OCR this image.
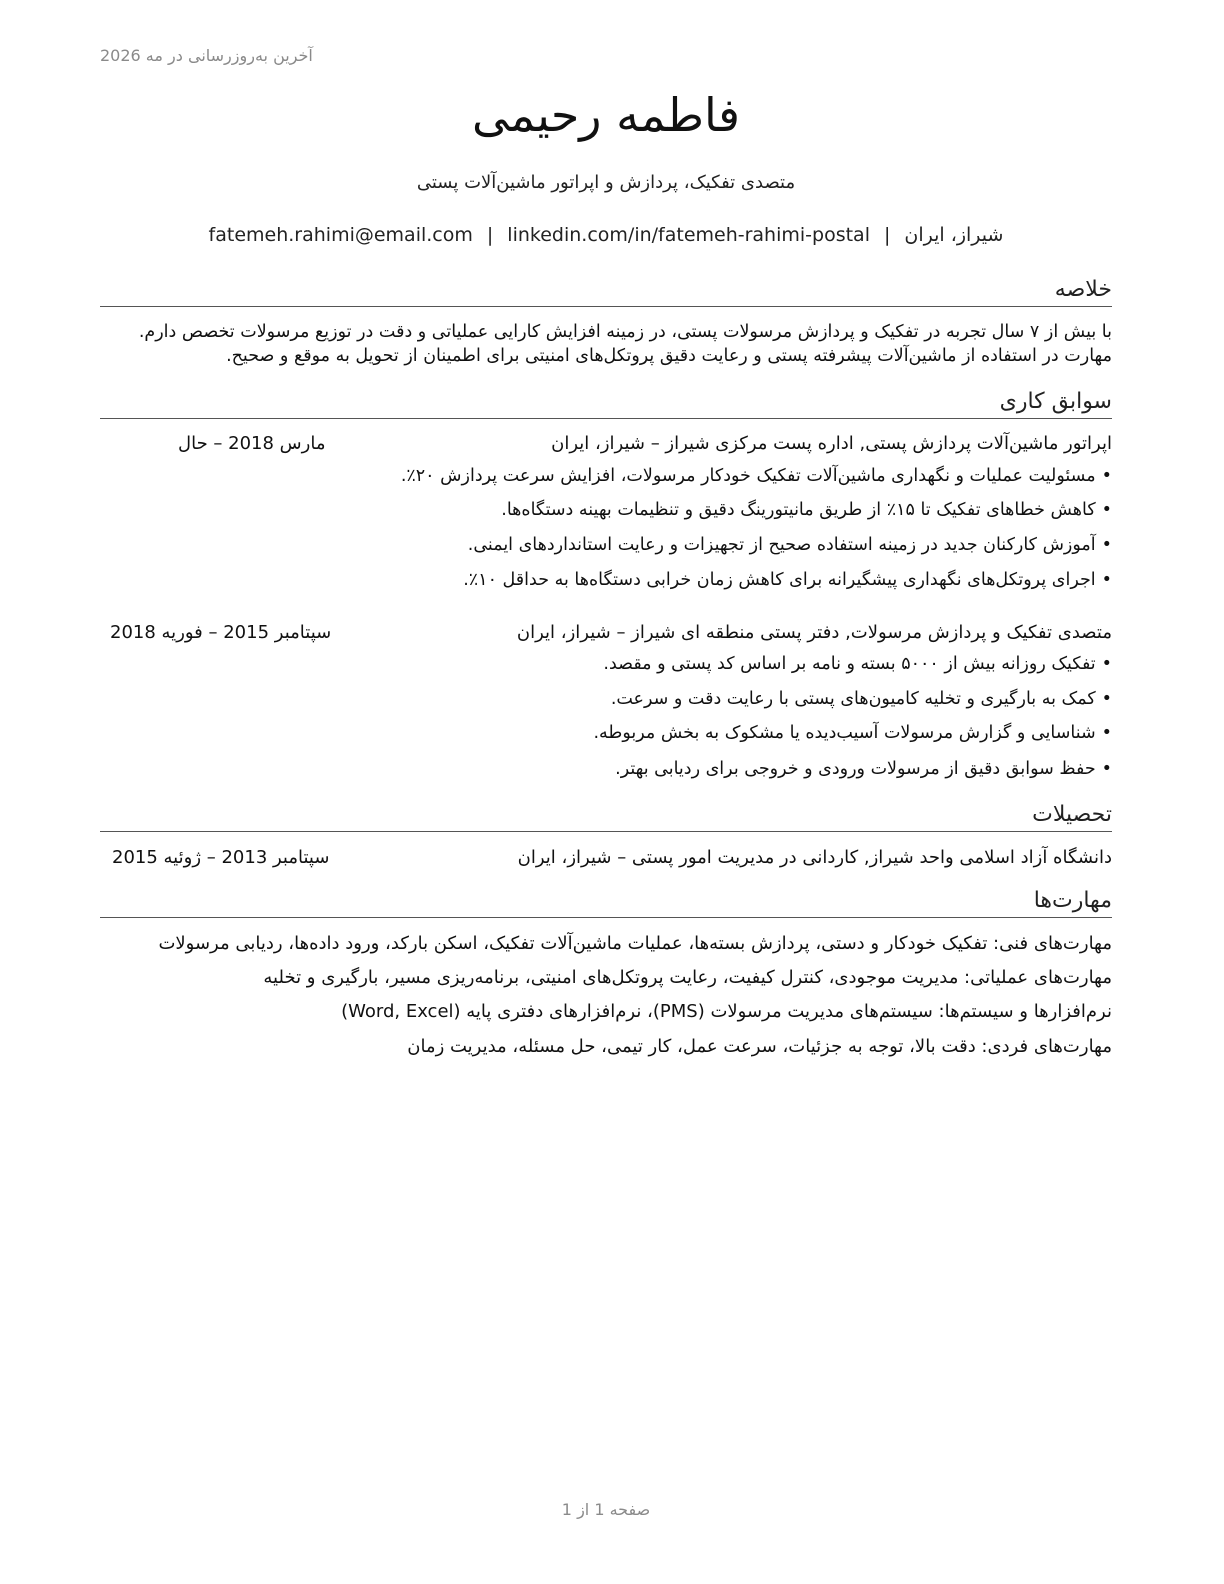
آخرین به‌روزرسانی در مه 2026
فاطمه رحیمی
متصدی تفکیک، پردازش و اپراتور ماشین‌آلات پستی
شیراز، ایران|fatemeh.rahimi@email.com | linkedin.com/in/fatemeh-rahimi-postal
خلاصه
با بیش از ۷ سال تجربه در تفکیک و پردازش مرسولات پستی، در زمینه افزایش کارایی عملیاتی و دقت در توزیع مرسولات تخصص دارم.
مهارت در استفاده از ماشین‌آلات پیشرفته پستی و رعایت دقیق پروتکل‌های امنیتی برای اطمینان از تحویل به موقع و صحیح.
سوابق کاری
اپراتور ماشین‌آلات پردازش پستی, اداره پست مرکزی شیراز – شیراز، ایران
مارس 2018 – حال
• مسئولیت عملیات و نگهداری ماشین‌آلات تفکیک خودکار مرسولات، افزایش سرعت پردازش ۲۰٪.
• کاهش خطاهای تفکیک تا ۱۵٪ از طریق مانیتورینگ دقیق و تنظیمات بهینه دستگاه‌ها.
• آموزش کارکنان جدید در زمینه استفاده صحیح از تجهیزات و رعایت استانداردهای ایمنی.
• اجرای پروتکل‌های نگهداری پیشگیرانه برای کاهش زمان خرابی دستگاه‌ها به حداقل ۱۰٪.
متصدی تفکیک و پردازش مرسولات, دفتر پستی منطقه ای شیراز – شیراز، ایران
سپتامبر 2015 – فوریه 2018
• تفکیک روزانه بیش از ۵۰۰۰ بسته و نامه بر اساس کد پستی و مقصد.
• کمک به بارگیری و تخلیه کامیون‌های پستی با رعایت دقت و سرعت.
• شناسایی و گزارش مرسولات آسیب‌دیده یا مشکوک به بخش مربوطه.
• حفظ سوابق دقیق از مرسولات ورودی و خروجی برای ردیابی بهتر.
تحصیلات
دانشگاه آزاد اسلامی واحد شیراز, کاردانی در مدیریت امور پستی – شیراز، ایران
سپتامبر 2013 – ژوئیه 2015
مهارت‌ها
مهارت‌های فنی: تفکیک خودکار و دستی، پردازش بسته‌ها، عملیات ماشین‌آلات تفکیک، اسکن بارکد، ورود داده‌ها، ردیابی مرسولات
مهارت‌های عملیاتی: مدیریت موجودی، کنترل کیفیت، رعایت پروتکل‌های امنیتی، برنامه‌ریزی مسیر، بارگیری و تخلیه
نرم‌افزارها و سیستم‌ها: سیستم‌های مدیریت مرسولات (PMS)، نرم‌افزارهای دفتری پایه (Word, Excel)
مهارت‌های فردی: دقت بالا، توجه به جزئیات، سرعت عمل، کار تیمی، حل مسئله، مدیریت زمان
صفحه 1 از 1
